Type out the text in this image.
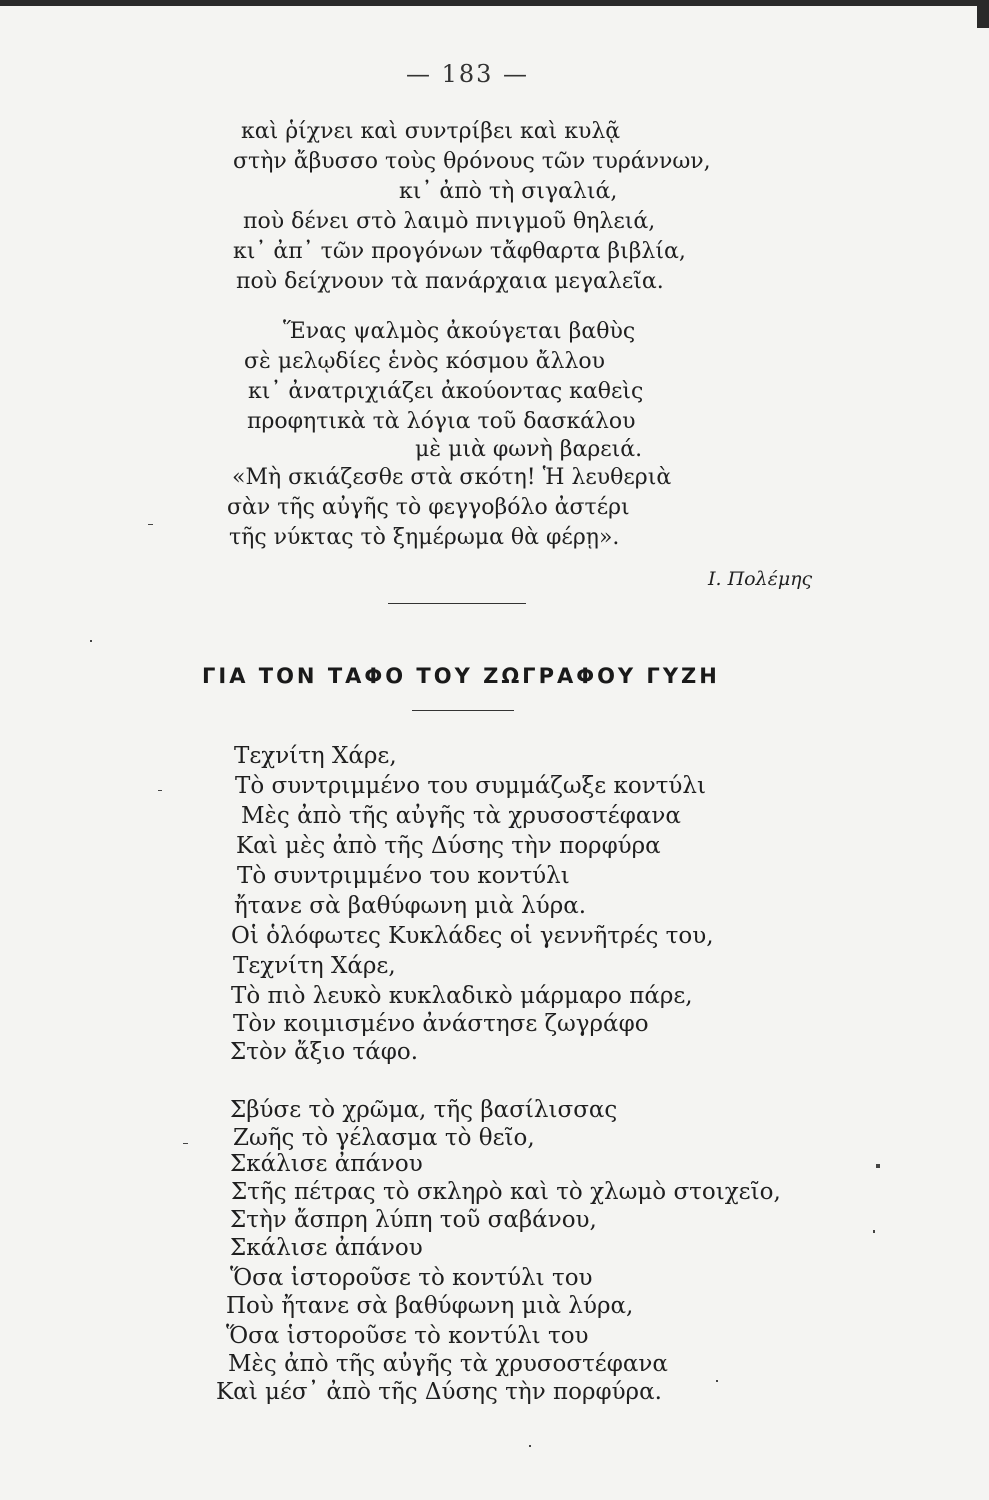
— 183 —
καὶ ῥίχνει καὶ συντρίβει καὶ κυλᾷ
στὴν ἄβυσσο τοὺς θρόνους τῶν τυράννων,
κι᾽ ἀπὸ τὴ σιγαλιά,
ποὺ δένει στὸ λαιμὸ πνιγμοῦ θηλειά,
κι᾽ ἀπ᾽ τῶν προγόνων τἄφθαρτα βιβλία,
ποὺ δείχνουν τὰ πανάρχαια μεγαλεῖα.
Ἕνας ψαλμὸς ἀκούγεται βαθὺς
σὲ μελῳδίες ἑνὸς κόσμου ἄλλου
κι᾽ ἀνατριχιάζει ἀκούοντας καθεὶς
προφητικὰ τὰ λόγια τοῦ δασκάλου
μὲ μιὰ φωνὴ βαρειά.
«Μὴ σκιάζεσθε στὰ σκότη! Ἡ λευθεριὰ
σὰν τῆς αὐγῆς τὸ φεγγοβόλο ἀστέρι
τῆς νύκτας τὸ ξημέρωμα θὰ φέρῃ».
Ι. Πολέμης
ΓΙΑ ΤΟΝ ΤΑΦΟ ΤΟΥ ΖΩΓΡΑΦΟΥ ΓΥΖΗ
Τεχνίτη Χάρε,
Τὸ συντριμμένο του συμμάζωξε κοντύλι
Μὲς ἀπὸ τῆς αὐγῆς τὰ χρυσοστέφανα
Καὶ μὲς ἀπὸ τῆς Δύσης τὴν πορφύρα
Τὸ συντριμμένο του κοντύλι
ἤτανε σὰ βαθύφωνη μιὰ λύρα.
Οἱ ὁλόφωτες Κυκλάδες οἱ γεννῆτρές του,
Τεχνίτη Χάρε,
Τὸ πιὸ λευκὸ κυκλαδικὸ μάρμαρο πάρε,
Τὸν κοιμισμένο ἀνάστησε ζωγράφο
Στὸν ἄξιο τάφο.
Σβύσε τὸ χρῶμα, τῆς βασίλισσας
Ζωῆς τὸ γέλασμα τὸ θεῖο,
Σκάλισε ἀπάνου
Στῆς πέτρας τὸ σκληρὸ καὶ τὸ χλωμὸ στοιχεῖο,
Στὴν ἄσπρη λύπη τοῦ σαβάνου,
Σκάλισε ἀπάνου
Ὅσα ἱστοροῦσε τὸ κοντύλι του
Ποὺ ἤτανε σὰ βαθύφωνη μιὰ λύρα,
Ὅσα ἱστοροῦσε τὸ κοντύλι του
Μὲς ἀπὸ τῆς αὐγῆς τὰ χρυσοστέφανα
Καὶ μέσ᾽ ἀπὸ τῆς Δύσης τὴν πορφύρα.
